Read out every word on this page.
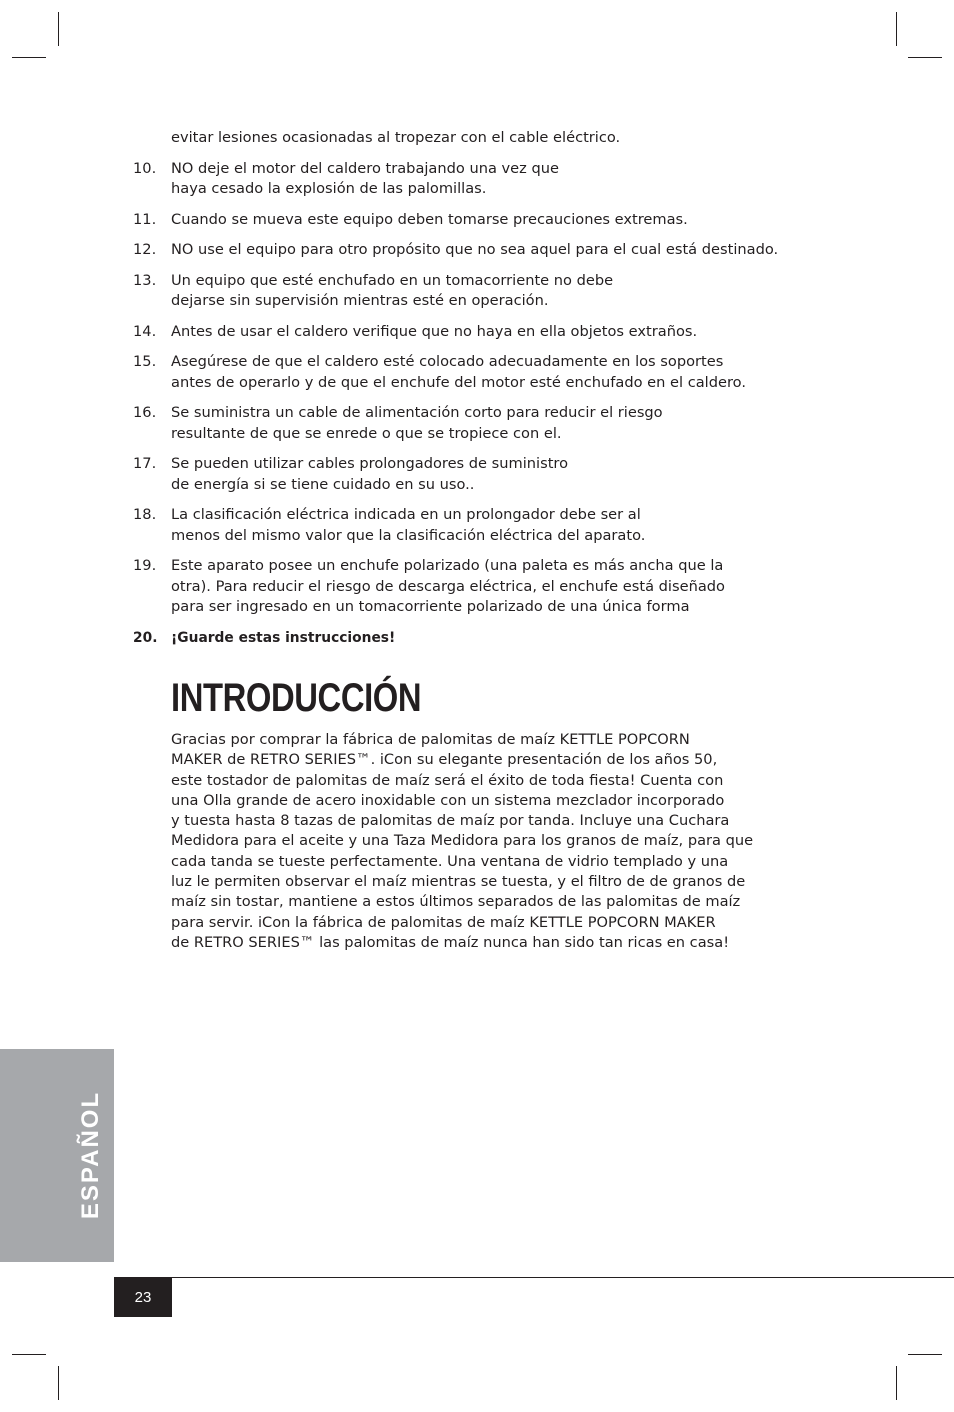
evitar lesiones ocasionadas al tropezar con el cable eléctrico.
10.	NO deje el motor del caldero trabajando una vez que
haya cesado la explosión de las palomillas.
11.	Cuando se mueva este equipo deben tomarse precauciones extremas.
12.	NO use el equipo para otro propósito que no sea aquel para el cual está destinado.
13.	Un equipo que esté enchufado en un tomacorriente no debe
dejarse sin supervisión mientras esté en operación.
14.	Antes de usar el caldero verifique que no haya en ella objetos extraños.
15.	Asegúrese de que el caldero esté colocado adecuadamente en los soportes
antes de operarlo y de que el enchufe del motor esté enchufado en el caldero.
16.	Se suministra un cable de alimentación corto para reducir el riesgo
resultante de que se enrede o que se tropiece con el.
17.	Se pueden utilizar cables prolongadores de suministro
de energía si se tiene cuidado en su uso..
18.	La clasificación eléctrica indicada en un prolongador debe ser al
menos del mismo valor que la clasificación eléctrica del aparato.
19.	Este aparato posee un enchufe polarizado (una paleta es más ancha que la
otra). Para reducir el riesgo de descarga eléctrica, el enchufe está diseñado
para ser ingresado en un tomacorriente polarizado de una única forma
20. ¡Guarde estas instrucciones!
INTRODUCCIÓN

Gracias por comprar la fábrica de palomitas de maíz KETTLE POPCORN
MAKER de RETRO SERIES™. iCon su elegante presentación de los años 50,
este tostador de palomitas de maíz será el éxito de toda fiesta! Cuenta con
una Olla grande de acero inoxidable con un sistema mezclador incorporado
y tuesta hasta 8 tazas de palomitas de maíz por tanda. Incluye una Cuchara
Medidora para el aceite y una Taza Medidora para los granos de maíz, para que
cada tanda se tueste perfectamente. Una ventana de vidrio templado y una
luz le permiten observar el maíz mientras se tuesta, y el filtro de de granos de
maíz sin tostar, mantiene a estos últimos separados de las palomitas de maíz
para servir. iCon la fábrica de palomitas de maíz KETTLE POPCORN MAKER
de RETRO SERIES™ las palomitas de maíz nunca han sido tan ricas en casa!

ESPAÑOL
23
